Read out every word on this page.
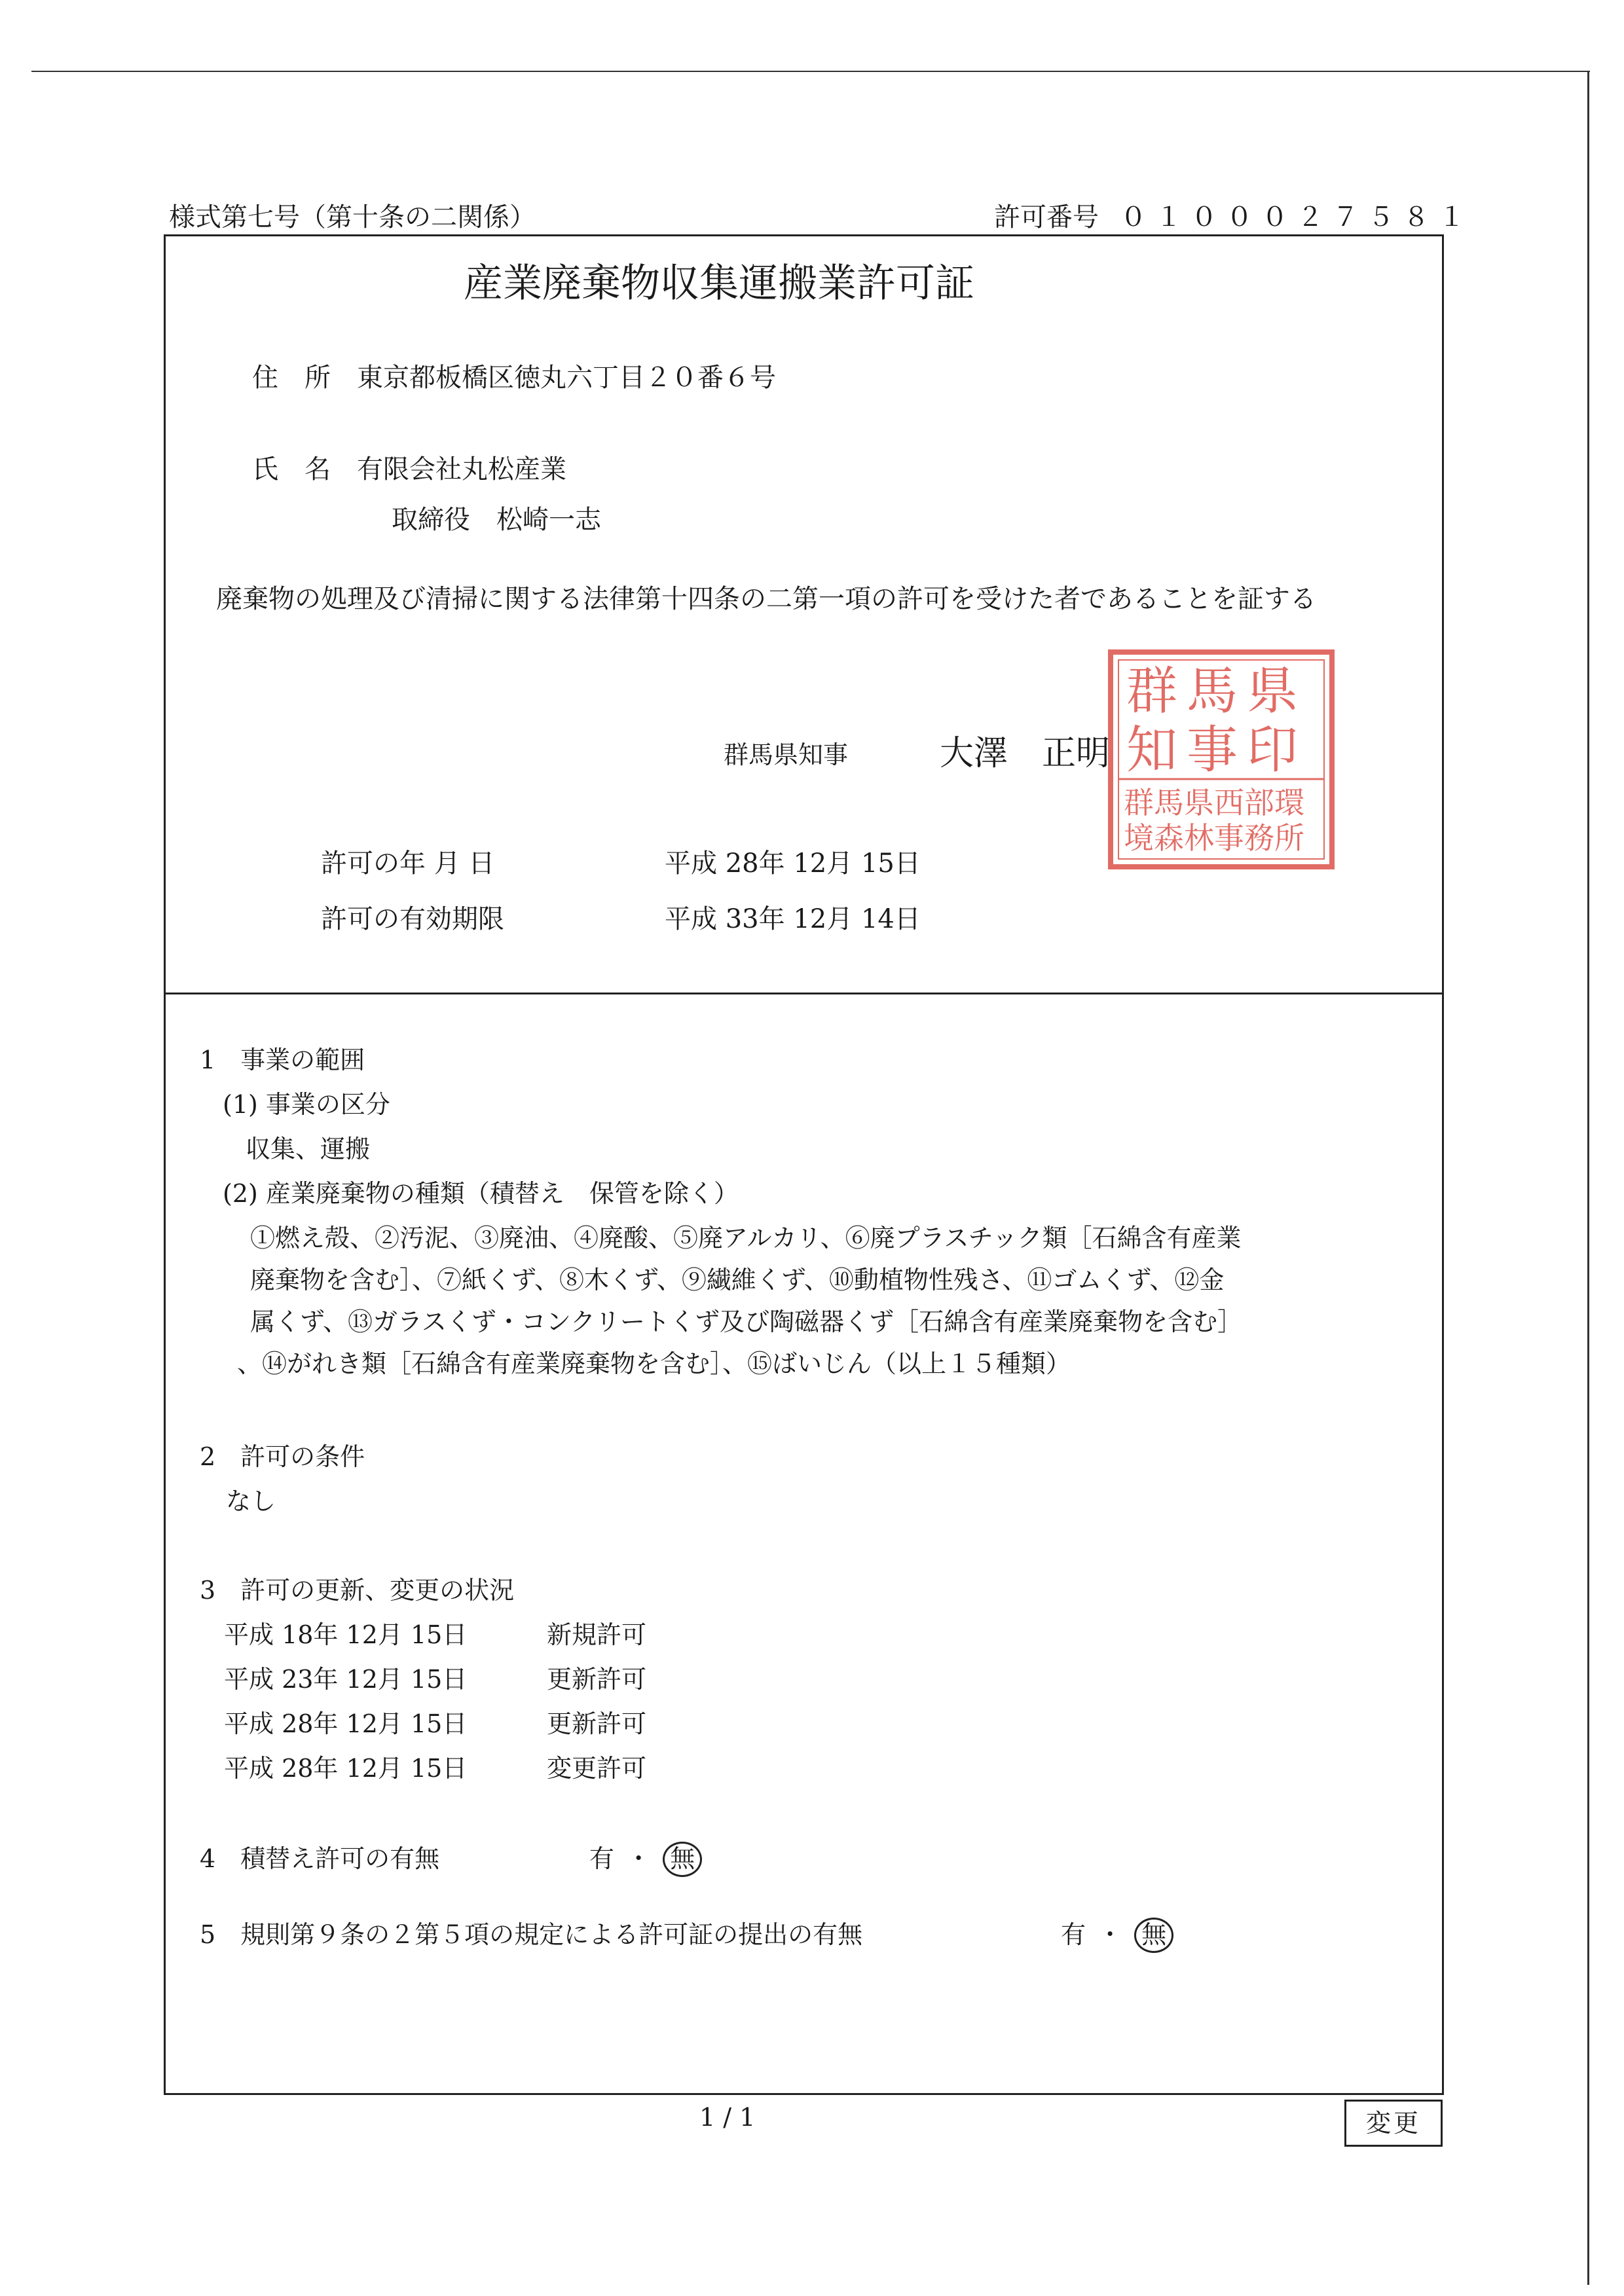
様式第七号（第十条の二関係）	許可番号 ０１０００２７５８１
産業廃棄物収集運搬業許可証
住　所 東京都板橋区徳丸六丁目２０番６号
氏　名 有限会社丸松産業
取締役　松崎一志
廃棄物の処理及び清掃に関する法律第十四条の二第一項の許可を受けた者であることを証する
群馬県知事	大澤　正明
群 馬 県
知 事 印
群馬県西部環
境森林事務所
許可の年 月 日	平成 28年 12月 15日
許可の有効期限	平成 33年 12月 14日
1　事業の範囲
(1) 事業の区分
収集、運搬
(2) 産業廃棄物の種類（積替え　保管を除く）
①燃え殻、②汚泥、③廃油、④廃酸、⑤廃アルカリ、⑥廃プラスチック類［石綿含有産業
廃棄物を含む］、⑦紙くず、⑧木くず、⑨繊維くず、⑩動植物性残さ、⑪ゴムくず、⑫金
属くず、⑬ガラスくず・コンクリートくず及び陶磁器くず［石綿含有産業廃棄物を含む］
、⑭がれき類［石綿含有産業廃棄物を含む］、⑮ばいじん（以上１５種類）
2　許可の条件
なし
3　許可の更新、変更の状況
平成 18年 12月 15日	新規許可
平成 23年 12月 15日	更新許可
平成 28年 12月 15日	更新許可
平成 28年 12月 15日	変更許可
4　積替え許可の有無	有 ・ 無
5　規則第９条の２第５項の規定による許可証の提出の有無	有 ・ 無
1 / 1	変更
